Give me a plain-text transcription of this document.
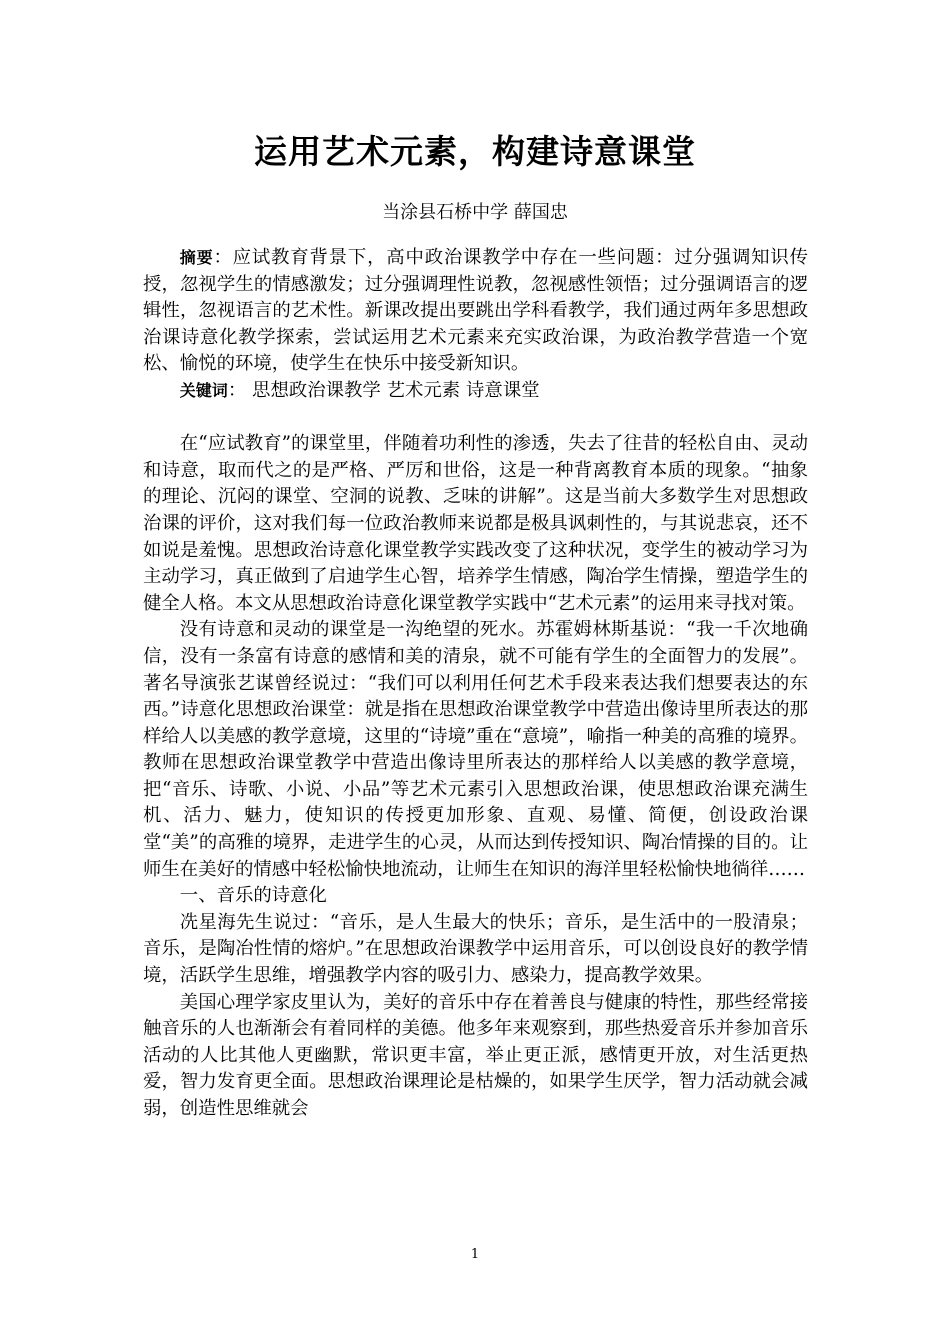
运用艺术元素，构建诗意课堂
当涂县石桥中学 薛国忠

摘要：应试教育背景下，高中政治课教学中存在一些问题：过分强调知识传授，忽视学生的情感激发；过分强调理性说教，忽视感性领悟；过分强调语言的逻辑性，忽视语言的艺术性。新课改提出要跳出学科看教学，我们通过两年多思想政治课诗意化教学探索，尝试运用艺术元素来充实政治课，为政治教学营造一个宽松、愉悦的环境，使学生在快乐中接受新知识。

关键词： 思想政治课教学 艺术元素 诗意课堂

在“应试教育”的课堂里，伴随着功利性的渗透，失去了往昔的轻松自由、灵动和诗意，取而代之的是严格、严厉和世俗，这是一种背离教育本质的现象。“抽象的理论、沉闷的课堂、空洞的说教、乏味的讲解”。这是当前大多数学生对思想政治课的评价，这对我们每一位政治教师来说都是极具讽刺性的，与其说悲哀，还不如说是羞愧。思想政治诗意化课堂教学实践改变了这种状况，变学生的被动学习为主动学习，真正做到了启迪学生心智，培养学生情感，陶冶学生情操，塑造学生的健全人格。本文从思想政治诗意化课堂教学实践中“艺术元素”的运用来寻找对策。

没有诗意和灵动的课堂是一沟绝望的死水。苏霍姆林斯基说：“我一千次地确信，没有一条富有诗意的感情和美的清泉，就不可能有学生的全面智力的发展”。著名导演张艺谋曾经说过：“我们可以利用任何艺术手段来表达我们想要表达的东西。”诗意化思想政治课堂：就是指在思想政治课堂教学中营造出像诗里所表达的那样给人以美感的教学意境，这里的“诗境”重在“意境”，喻指一种美的高雅的境界。教师在思想政治课堂教学中营造出像诗里所表达的那样给人以美感的教学意境，把“音乐、诗歌、小说、小品”等艺术元素引入思想政治课，使思想政治课充满生机、活力、魅力，使知识的传授更加形象、直观、易懂、简便，创设政治课堂“美”的高雅的境界，走进学生的心灵，从而达到传授知识、陶冶情操的目的。让师生在美好的情感中轻松愉快地流动，让师生在知识的海洋里轻松愉快地徜徉……

一、音乐的诗意化

冼星海先生说过：“音乐，是人生最大的快乐；音乐，是生活中的一股清泉；音乐，是陶冶性情的熔炉。”在思想政治课教学中运用音乐，可以创设良好的教学情境，活跃学生思维，增强教学内容的吸引力、感染力，提高教学效果。

美国心理学家皮里认为，美好的音乐中存在着善良与健康的特性，那些经常接触音乐的人也渐渐会有着同样的美德。他多年来观察到，那些热爱音乐并参加音乐活动的人比其他人更幽默，常识更丰富，举止更正派，感情更开放，对生活更热爱，智力发育更全面。思想政治课理论是枯燥的，如果学生厌学，智力活动就会减弱，创造性思维就会

1
